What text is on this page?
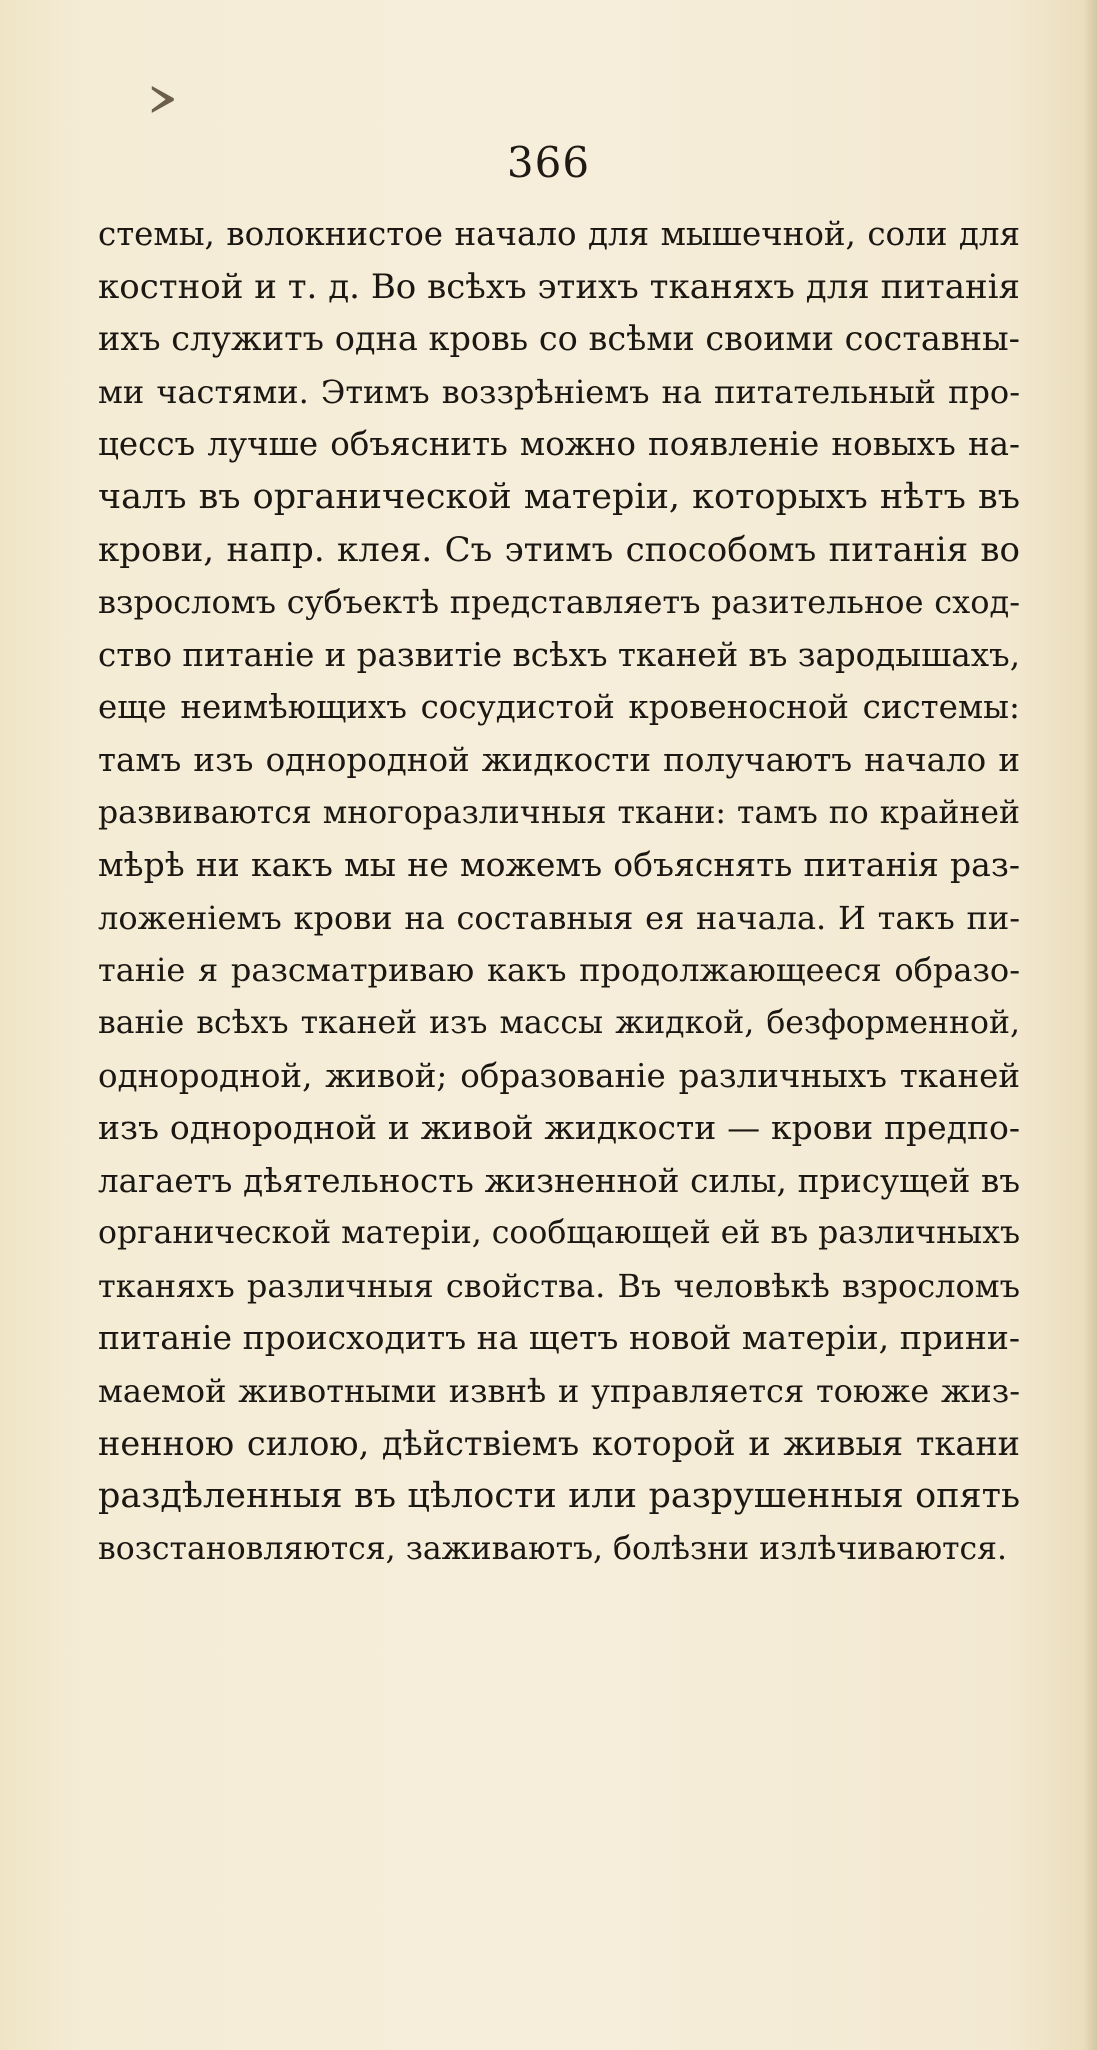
›
366
стемы, волокнистое начало для мышечной, соли для
костной и т. д. Во всѣхъ этихъ тканяхъ для питанія
ихъ служитъ одна кровь со всѣми своими составны-
ми частями. Этимъ воззрѣніемъ на питательный про-
цессъ лучше объяснить можно появленіе новыхъ на-
чалъ въ органической матеріи, которыхъ нѣтъ въ
крови, напр. клея. Съ этимъ способомъ питанія во
взросломъ субъектѣ представляетъ разительное сход-
ство питаніе и развитіе всѣхъ тканей въ зародышахъ,
еще неимѣющихъ сосудистой кровеносной системы:
тамъ изъ однородной жидкости получаютъ начало и
развиваются многоразличныя ткани: тамъ по крайней
мѣрѣ ни какъ мы не можемъ объяснять питанія раз-
ложеніемъ крови на составныя ея начала. И такъ пи-
таніе я разсматриваю какъ продолжающееся образо-
ваніе всѣхъ тканей изъ массы жидкой, безформенной,
однородной, живой; образованіе различныхъ тканей
изъ однородной и живой жидкости — крови предпо-
лагаетъ дѣятельность жизненной силы, присущей въ
органической матеріи, сообщающей ей въ различныхъ
тканяхъ различныя свойства. Въ человѣкѣ взросломъ
питаніе происходитъ на щетъ новой матеріи, прини-
маемой животными извнѣ и управляется тоюже жиз-
ненною силою, дѣйствіемъ которой и живыя ткани
раздѣленныя въ цѣлости или разрушенныя опять
возстановляются, заживаютъ, болѣзни излѣчиваются.
